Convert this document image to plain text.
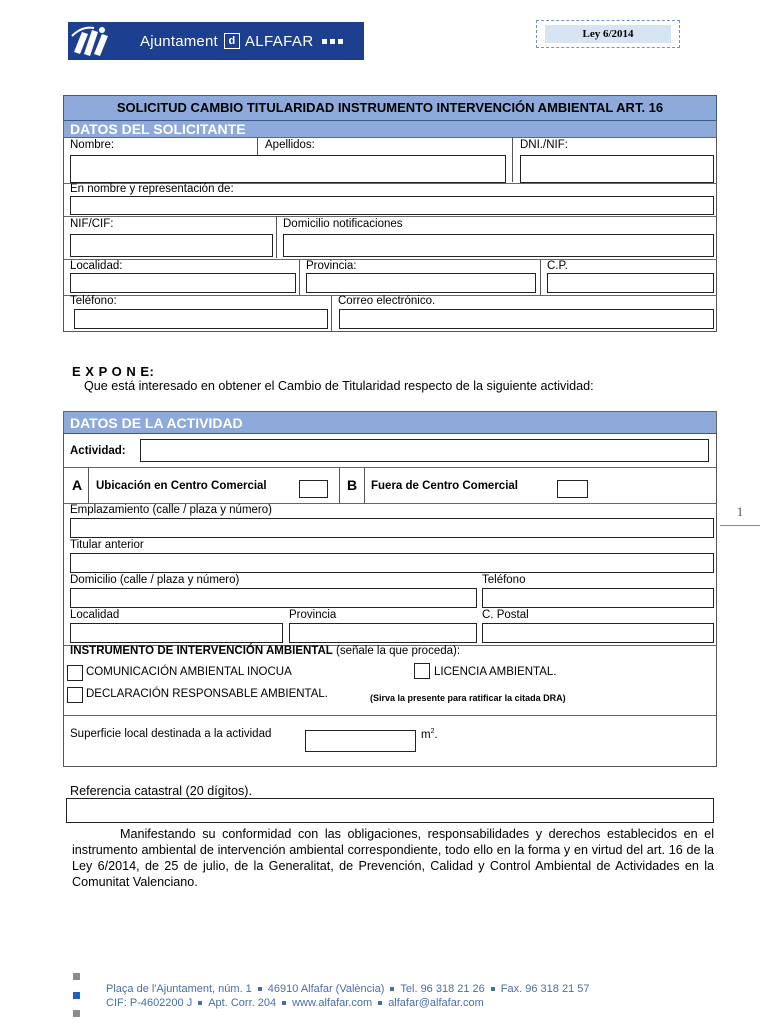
Ajuntament d ALFAFAR	Ley 6/2014
SOLICITUD CAMBIO TITULARIDAD INSTRUMENTO INTERVENCIÓN AMBIENTAL ART. 16
DATOS DEL SOLICITANTE
Nombre:	Apellidos:	DNI./NIF:
En nombre y representación de:
NIF/CIF:	Domicilio notificaciones
Localidad:	Provincia:	C.P.
Teléfono:	Correo electrónico.
E X P O N E:
Que está interesado en obtener el Cambio de Titularidad respecto de la siguiente actividad:
DATOS DE LA ACTIVIDAD
Actividad:
A Ubicación en Centro Comercial	B Fuera de Centro Comercial
Emplazamiento (calle / plaza y número)
Titular anterior
Domicilio (calle / plaza y número)	Teléfono
Localidad	Provincia	C. Postal
INSTRUMENTO DE INTERVENCIÓN AMBIENTAL (señale la que proceda):
COMUNICACIÓN AMBIENTAL INOCUA	LICENCIA AMBIENTAL.
DECLARACIÓN RESPONSABLE AMBIENTAL.	(Sirva la presente para ratificar la citada DRA)
Superficie local destinada a la actividad	$m^2$.
Referencia catastral (20 dígitos).
Manifestando su conformidad con las obligaciones, responsabilidades y derechos establecidos en el instrumento ambiental de intervención ambiental correspondiente, todo ello en la forma y en virtud del art. 16 de la Ley 6/2014, de 25 de julio, de la Generalitat, de Prevención, Calidad y Control Ambiental de Actividades en la Comunitat Valenciano.
1
Plaça de l'Ajuntament, núm. 1 46910 Alfafar (València) Tel. 96 318 21 26 Fax. 96 318 21 57
CIF: P-4602200 J Apt. Corr. 204 www.alfafar.com alfafar@alfafar.com
